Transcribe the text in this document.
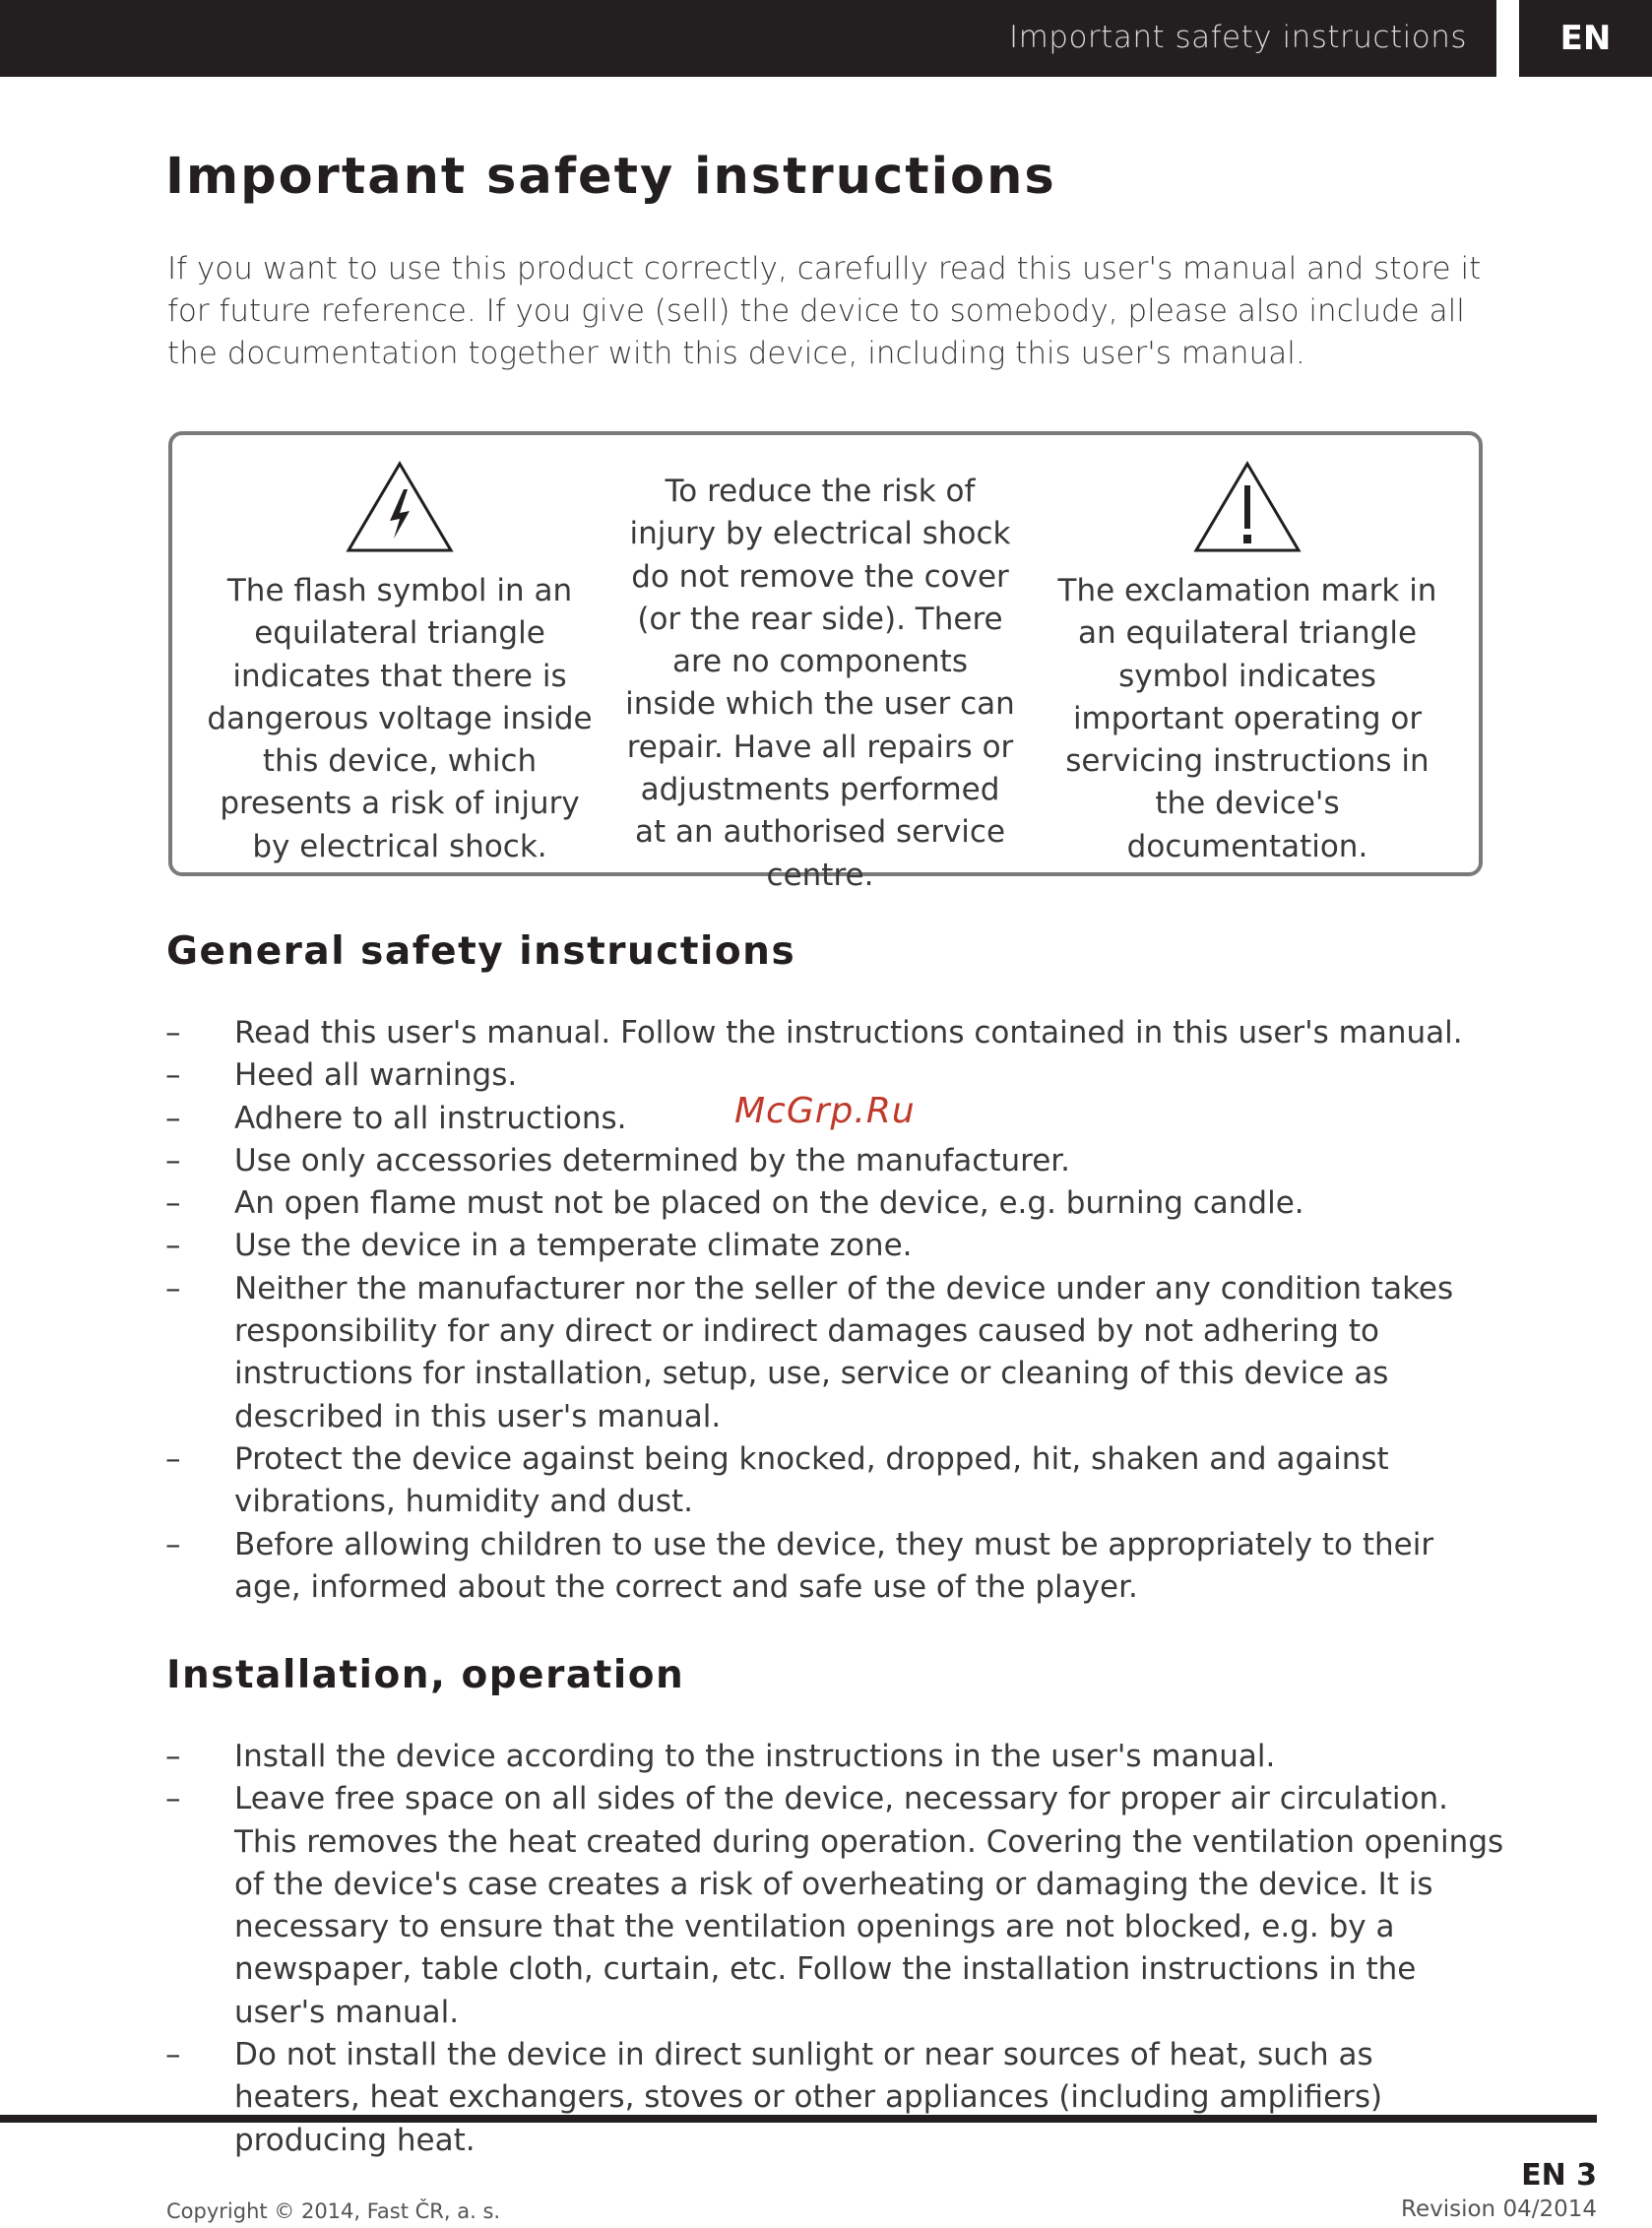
Important safety instructions	EN
Important safety instructions

If you want to use this product correctly, carefully read this user's manual and store it for future reference. If you give (sell) the device to somebody, please also include all the documentation together with this device, including this user's manual.

The flash symbol in an equilateral triangle indicates that there is dangerous voltage inside this device, which presents a risk of injury by electrical shock.
To reduce the risk of injury by electrical shock do not remove the cover (or the rear side). There are no components inside which the user can repair. Have all repairs or adjustments performed at an authorised service centre.
The exclamation mark in an equilateral triangle symbol indicates important operating or servicing instructions in the device's documentation.
General safety instructions
–	Read this user's manual. Follow the instructions contained in this user's manual.
–	Heed all warnings.
–	Adhere to all instructions.
–	Use only accessories determined by the manufacturer.
–	An open flame must not be placed on the device, e.g. burning candle.
–	Use the device in a temperate climate zone.
–	Neither the manufacturer nor the seller of the device under any condition takes responsibility for any direct or indirect damages caused by not adhering to instructions for installation, setup, use, service or cleaning of this device as described in this user's manual.
–	Protect the device against being knocked, dropped, hit, shaken and against vibrations, humidity and dust.
–	Before allowing children to use the device, they must be appropriately to their age, informed about the correct and safe use of the player.
McGrp.Ru
Installation, operation
–	Install the device according to the instructions in the user's manual.
–	Leave free space on all sides of the device, necessary for proper air circulation. This removes the heat created during operation. Covering the ventilation openings of the device's case creates a risk of overheating or damaging the device. It is necessary to ensure that the ventilation openings are not blocked, e.g. by a newspaper, table cloth, curtain, etc. Follow the installation instructions in the user's manual.
–	Do not install the device in direct sunlight or near sources of heat, such as heaters, heat exchangers, stoves or other appliances (including amplifiers) producing heat.
EN 3
Copyright © 2014, Fast ČR, a. s.	Revision 04/2014
